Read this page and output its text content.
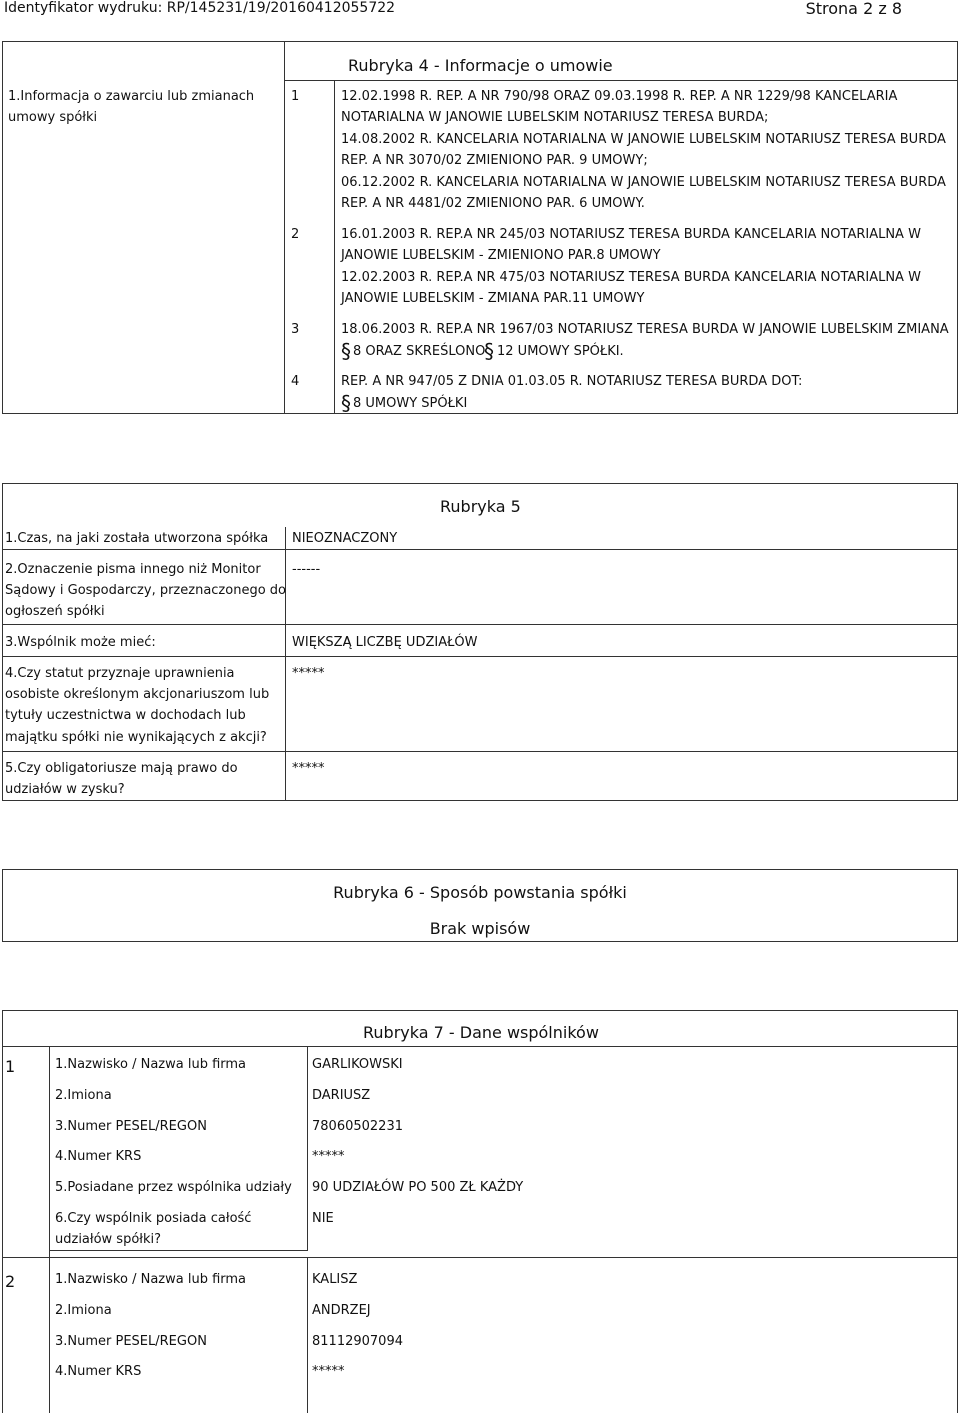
Identyfikator wydruku: RP/145231/19/20160412055722	Strona 2 z 8
Rubryka 4 - Informacje o umowie
1.Informacja o zawarciu lub zmianach
umowy spółki
1	12.02.1998 R. REP. A NR 790/98 ORAZ 09.03.1998 R. REP. A NR 1229/98 KANCELARIA
NOTARIALNA W JANOWIE LUBELSKIM NOTARIUSZ TERESA BURDA;
14.08.2002 R. KANCELARIA NOTARIALNA W JANOWIE LUBELSKIM NOTARIUSZ TERESA BURDA
REP. A NR 3070/02 ZMIENIONO PAR. 9 UMOWY;
06.12.2002 R. KANCELARIA NOTARIALNA W JANOWIE LUBELSKIM NOTARIUSZ TERESA BURDA
REP. A NR 4481/02 ZMIENIONO PAR. 6 UMOWY.
2	16.01.2003 R. REP.A NR 245/03 NOTARIUSZ TERESA BURDA KANCELARIA NOTARIALNA W
JANOWIE LUBELSKIM - ZMIENIONO PAR.8 UMOWY
12.02.2003 R. REP.A NR 475/03 NOTARIUSZ TERESA BURDA KANCELARIA NOTARIALNA W
JANOWIE LUBELSKIM - ZMIANA PAR.11 UMOWY
3	18.06.2003 R. REP.A NR 1967/03 NOTARIUSZ TERESA BURDA W JANOWIE LUBELSKIM ZMIANA
§ 8 ORAZ SKREŚLONO
§ 12 UMOWY SPÓŁKI.
4	REP. A NR 947/05 Z DNIA 01.03.05 R. NOTARIUSZ TERESA BURDA DOT:
§ 8 UMOWY SPÓŁKI
Rubryka 5
1.Czas, na jaki została utworzona spółka NIEOZNACZONY
2.Oznaczenie pisma innego niż Monitor
Sądowy i Gospodarczy, przeznaczonego do
ogłoszeń spółki
------
3.Wspólnik może mieć:	WIĘKSZĄ LICZBĘ UDZIAŁÓW
4.Czy statut przyznaje uprawnienia
osobiste określonym akcjonariuszom lub
tytuły uczestnictwa w dochodach lub
majątku spółki nie wynikających z akcji?
*****
5.Czy obligatoriusze mają prawo do
udziałów w zysku?
*****
Rubryka 6 - Sposób powstania spółki
Brak wpisów
Rubryka 7 - Dane wspólników
1	1.Nazwisko / Nazwa lub firma	GARLIKOWSKI
2.Imiona	DARIUSZ
3.Numer PESEL/REGON	78060502231
4.Numer KRS	*****
5.Posiadane przez wspólnika udziały 90 UDZIAŁÓW PO 500 ZŁ KAŻDY
6.Czy wspólnik posiada całość
udziałów spółki?
NIE
2	1.Nazwisko / Nazwa lub firma	KALISZ
2.Imiona	ANDRZEJ
3.Numer PESEL/REGON	81112907094
4.Numer KRS	*****
